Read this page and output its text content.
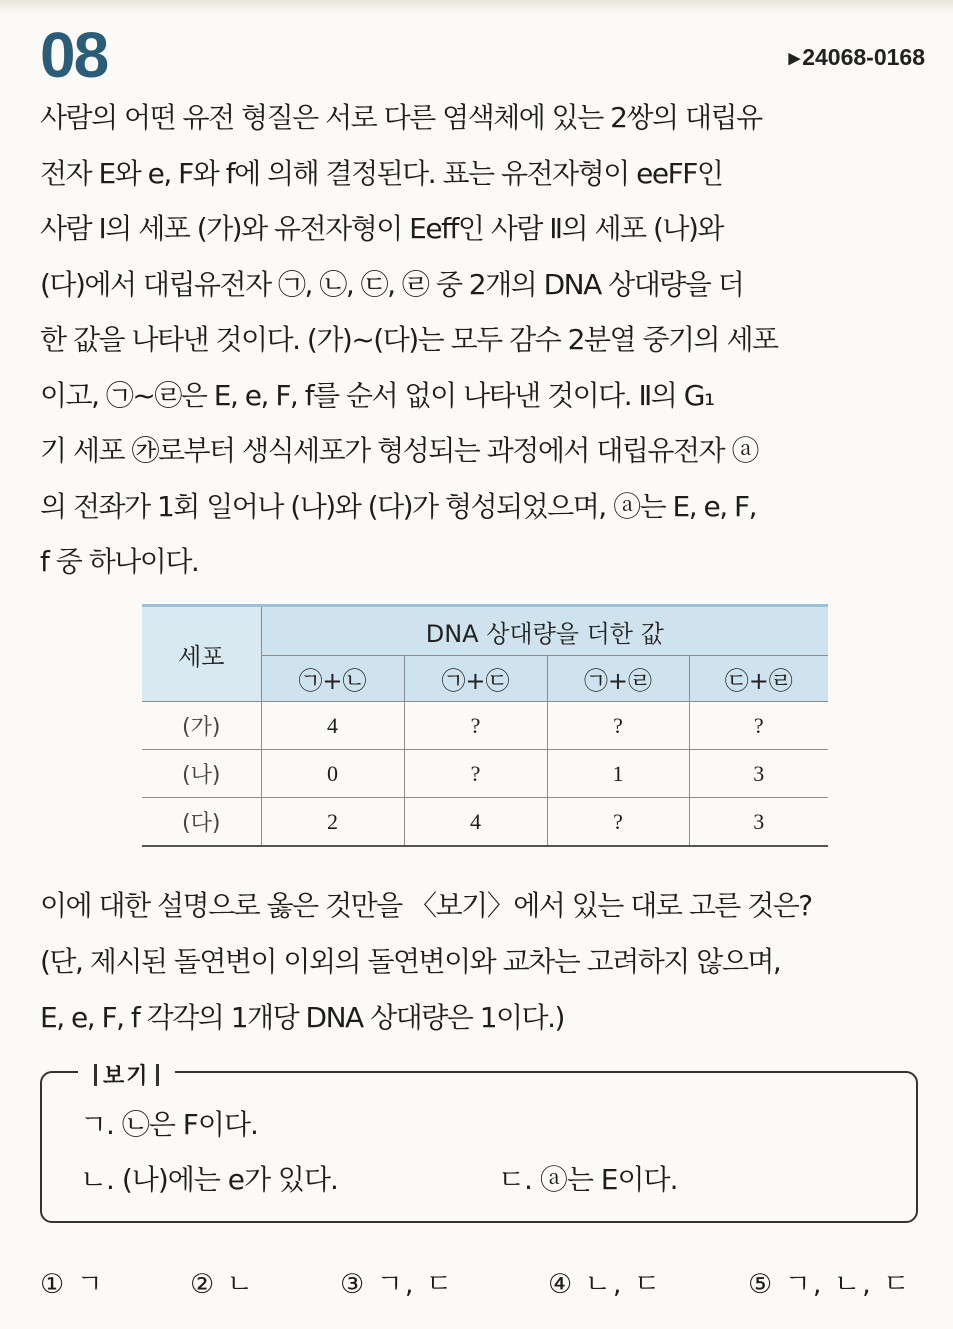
08	▶24068-0168
사람의 어떤 유전 형질은 서로 다른 염색체에 있는 2쌍의 대립유
전자 E와 e, F와 f에 의해 결정된다. 표는 유전자형이 eeFF인
사람 Ⅰ의 세포 (가)와 유전자형이 Eeff인 사람 Ⅱ의 세포 (나)와
(다)에서 대립유전자 ㉠, ㉡, ㉢, ㉣ 중 2개의 DNA 상대량을 더
한 값을 나타낸 것이다. (가)~(다)는 모두 감수 2분열 중기의 세포
이고, ㉠~㉣은 E, e, F, f를 순서 없이 나타낸 것이다. Ⅱ의 G₁
기 세포 ㉮로부터 생식세포가 형성되는 과정에서 대립유전자 ⓐ
의 전좌가 1회 일어나 (나)와 (다)가 형성되었으며, ⓐ는 E, e, F,
f 중 하나이다.
세포	DNA 상대량을 더한 값			
	㉠+㉡	㉠+㉢	㉠+㉣	㉢+㉣
(가)	4	?	?	?
(나)	0	?	1	3
(다)	2	4	?	3
이에 대한 설명으로 옳은 것만을 〈보기〉에서 있는 대로 고른 것은?
(단, 제시된 돌연변이 이외의 돌연변이와 교차는 고려하지 않으며,
E, e, F, f 각각의 1개당 DNA 상대량은 1이다.)
보기
ㄱ. ㉡은 F이다.
ㄴ. (나)에는 e가 있다.	ㄷ. ⓐ는 E이다.
① ㄱ	② ㄴ	③ ㄱ, ㄷ	④ ㄴ, ㄷ	⑤ ㄱ, ㄴ, ㄷ
